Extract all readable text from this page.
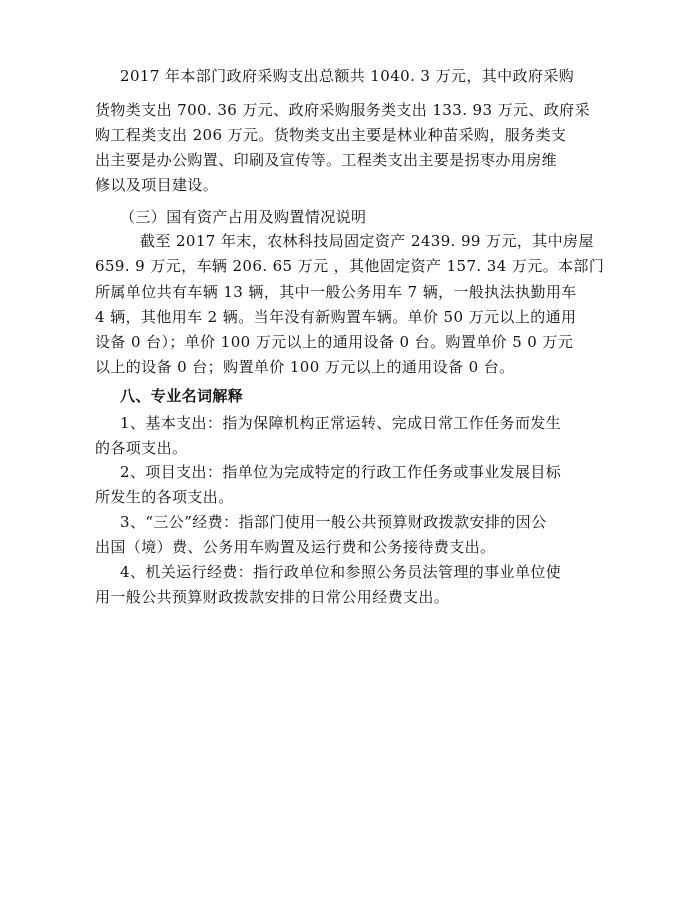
2017 年本部门政府采购支出总额共 1040. 3 万元，其中政府采购
货物类支出 700. 36 万元、政府采购服务类支出 133. 93 万元、政府采
购工程类支出 206 万元。货物类支出主要是林业种苗采购，服务类支
出主要是办公购置、印刷及宣传等。工程类支出主要是拐枣办用房维
修以及项目建设。
（三）国有资产占用及购置情况说明
截至 2017 年末，农林科技局固定资产 2439. 99 万元，其中房屋
659. 9 万元，车辆 206. 65 万元 ，其他固定资产 157. 34 万元。本部门
所属单位共有车辆 13 辆，其中一般公务用车 7 辆，一般执法执勤用车
4 辆，其他用车 2 辆。当年没有新购置车辆。单价 50 万元以上的通用
设备 0 台）；单价 100 万元以上的通用设备 0 台。购置单价 5 0 万元
以上的设备 0 台；购置单价 100 万元以上的通用设备 0 台。
八、专业名词解释
1、基本支出：指为保障机构正常运转、完成日常工作任务而发生
的各项支出。
2、项目支出：指单位为完成特定的行政工作任务或事业发展目标
所发生的各项支出。
3、“三公”经费：指部门使用一般公共预算财政拨款安排的因公
出国（境）费、公务用车购置及运行费和公务接待费支出。
4、机关运行经费：指行政单位和参照公务员法管理的事业单位使
用一般公共预算财政拨款安排的日常公用经费支出。
